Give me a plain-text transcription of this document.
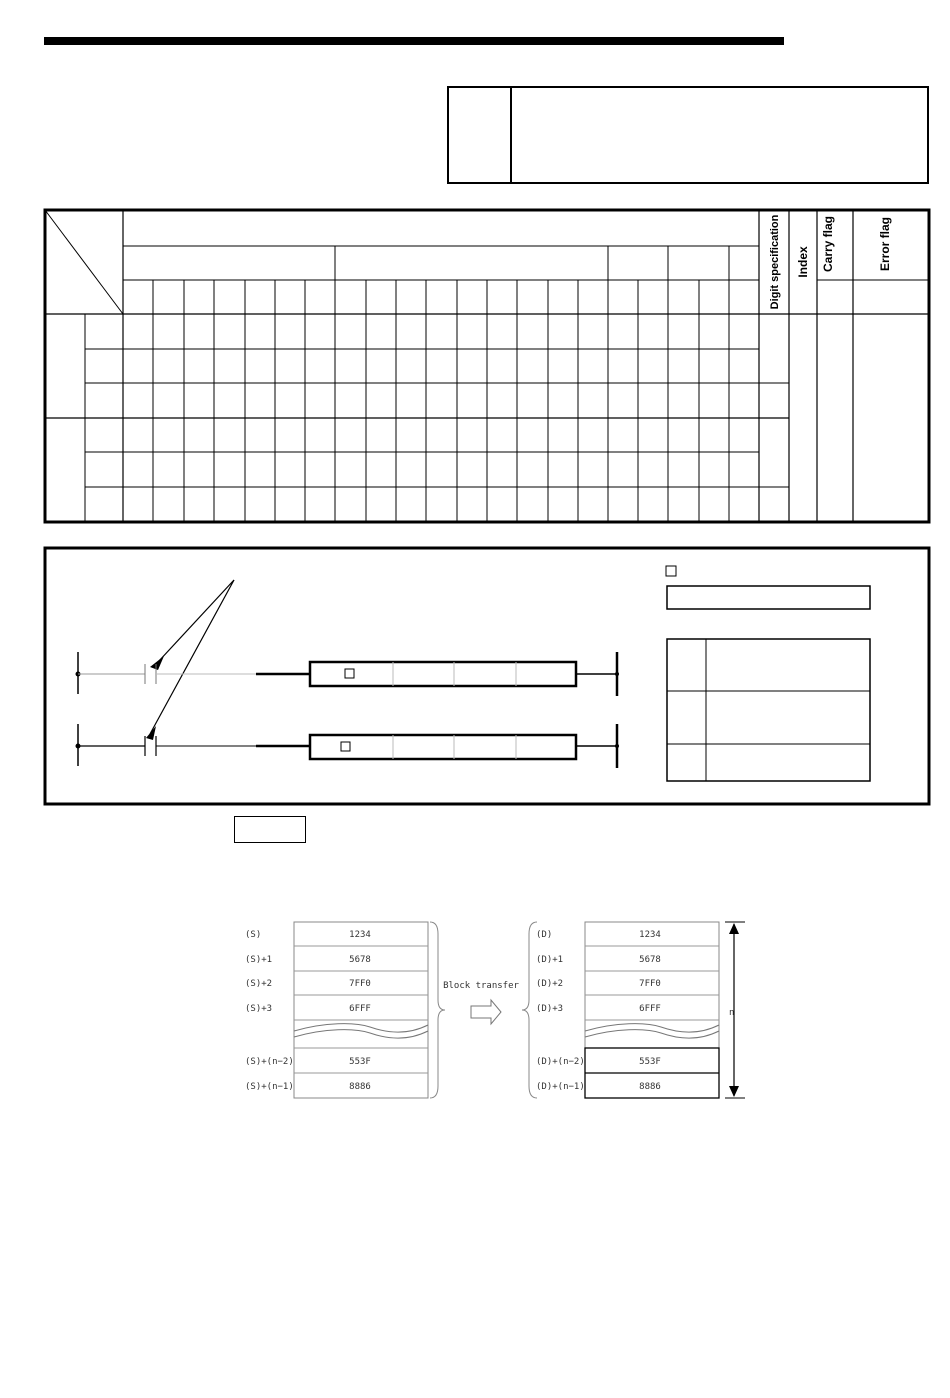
Digit specification Index Carry flag	Error flag
(S)
(S)+1
(S)+2
(S)+3
(S)+(n−2)
(S)+(n−1)
1234
5678
7FF0
6FFF
553F
8886
Block transfer
(D)
(D)+1
(D)+2
(D)+3
(D)+(n−2)
(D)+(n−1)
1234
5678
7FF0
6FFF
553F
8886
n
